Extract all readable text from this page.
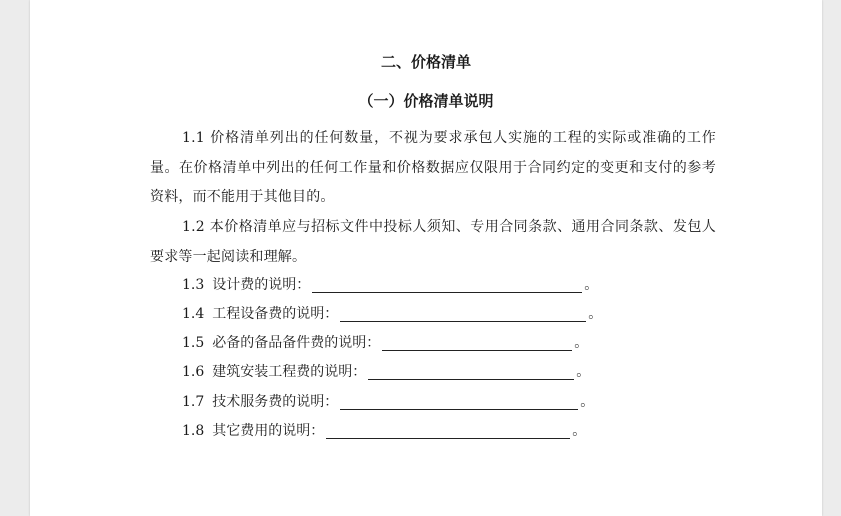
二、价格清单
（一）价格清单说明
1.1 价格清单列出的任何数量，不视为要求承包人实施的工程的实际或准确的工作量。在价格清单中列出的任何工作量和价格数据应仅限用于合同约定的变更和支付的参考资料，而不能用于其他目的。
1.2 本价格清单应与招标文件中投标人须知、专用合同条款、通用合同条款、发包人要求等一起阅读和理解。
1.3 设计费的说明：	。
1.4 工程设备费的说明：	。
1.5 必备的备品备件费的说明：	。
1.6 建筑安装工程费的说明：	。
1.7 技术服务费的说明：	。
1.8 其它费用的说明：	。
